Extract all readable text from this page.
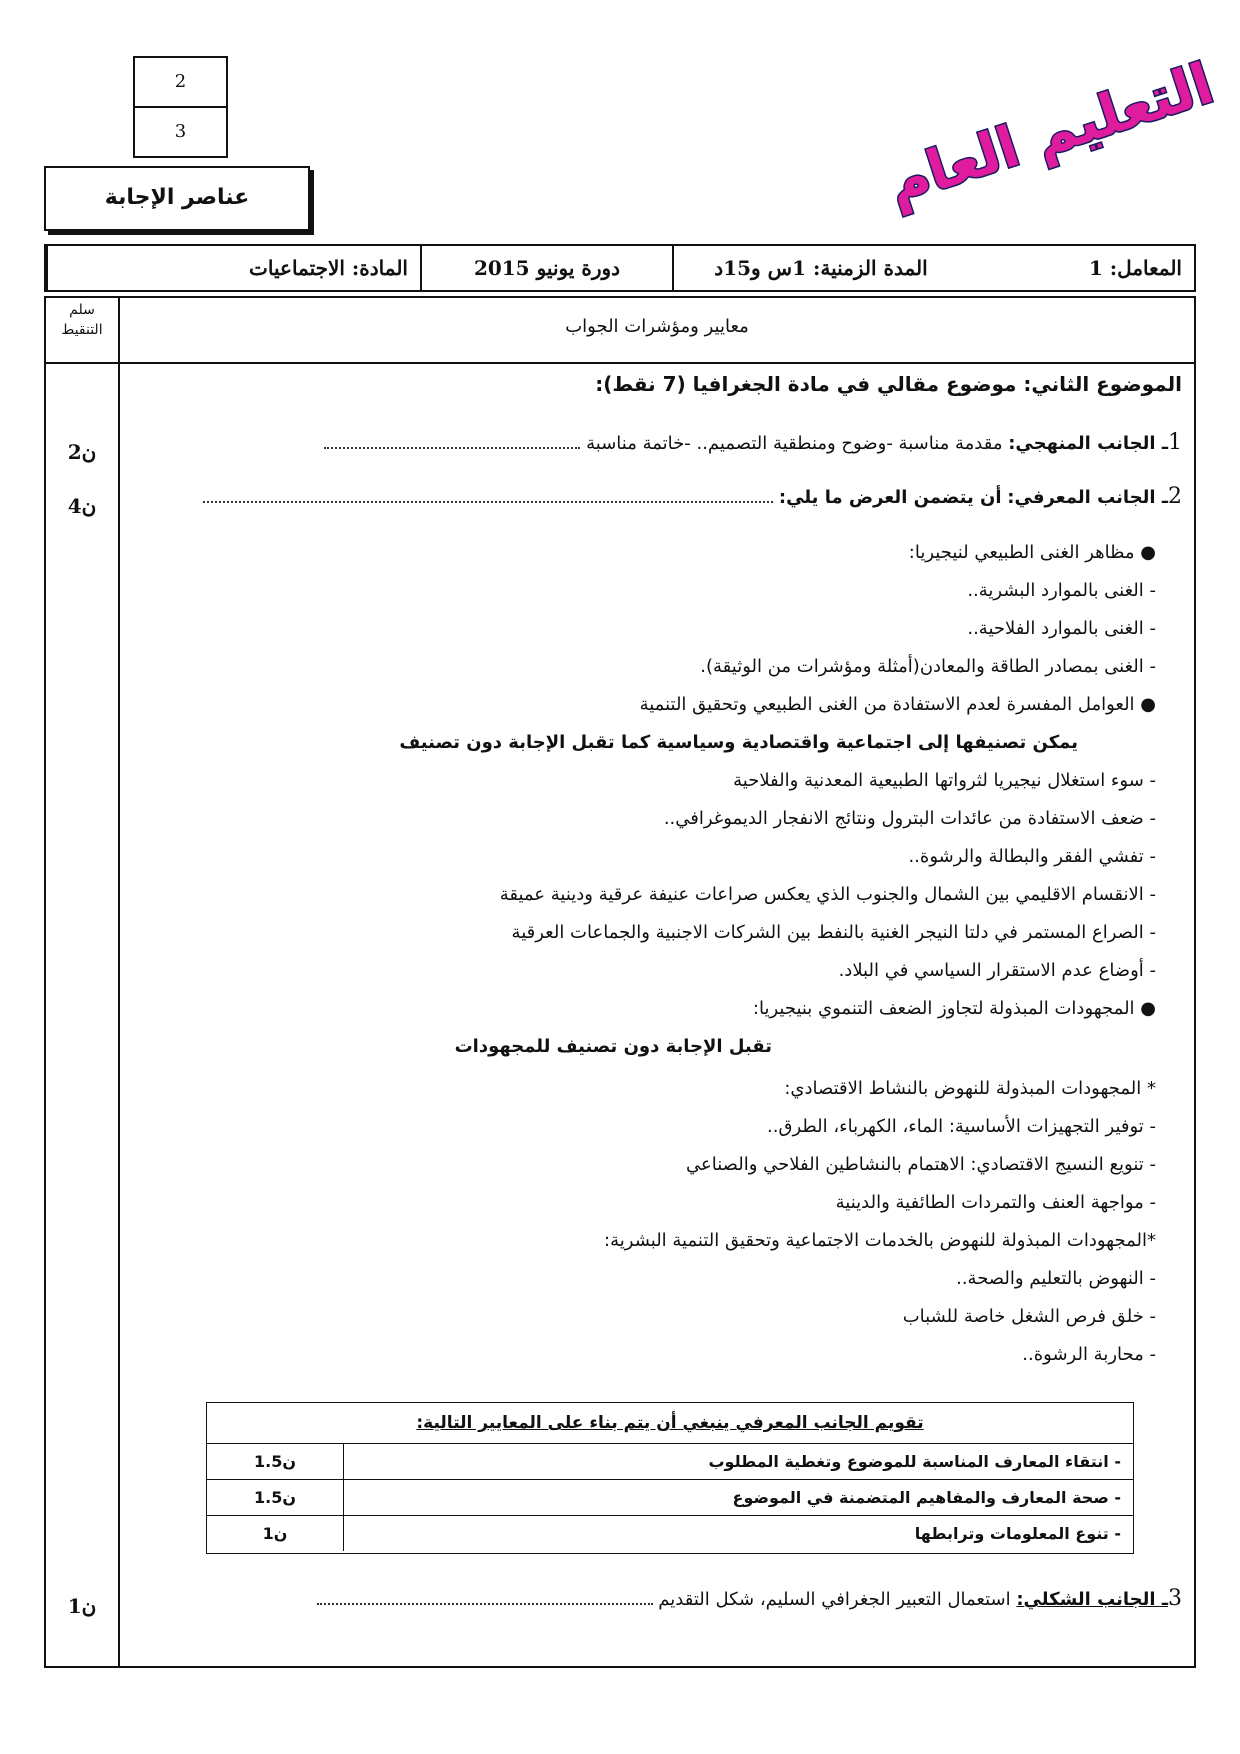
2
3
عناصر الإجابة	التعليم العام
المادة: الاجتماعيات	دورة يونيو 2015	المدة الزمنية: 1س و15د	المعامل: 1
سلم
التنقيط	معايير ومؤشرات الجواب
الموضوع الثاني: موضوع مقالي في مادة الجغرافيا (7 نقط):
1ـ الجانب المنهجي: مقدمة مناسبة -وضوح ومنطقية التصميم.. -خاتمة مناسبة
2ن
2ـ الجانب المعرفي: أن يتضمن العرض ما يلي:
4ن
● مظاهر الغنى الطبيعي لنيجيريا:
- الغنى بالموارد البشرية..
- الغنى بالموارد الفلاحية..
- الغنى بمصادر الطاقة والمعادن(أمثلة ومؤشرات من الوثيقة).
● العوامل المفسرة لعدم الاستفادة من الغنى الطبيعي وتحقيق التنمية
يمكن تصنيفها إلى اجتماعية واقتصادية وسياسية كما تقبل الإجابة دون تصنيف
- سوء استغلال نيجيريا لثرواتها الطبيعية المعدنية والفلاحية
- ضعف الاستفادة من عائدات البترول ونتائج الانفجار الديموغرافي..
- تفشي الفقر والبطالة والرشوة..
- الانقسام الاقليمي بين الشمال والجنوب الذي يعكس صراعات عنيفة عرقية ودينية عميقة
- الصراع المستمر في دلتا النيجر الغنية بالنفط بين الشركات الاجنبية والجماعات العرقية
- أوضاع عدم الاستقرار السياسي في البلاد.
● المجهودات المبذولة لتجاوز الضعف التنموي بنيجيريا:
تقبل الإجابة دون تصنيف للمجهودات
* المجهودات المبذولة للنهوض بالنشاط الاقتصادي:
- توفير التجهيزات الأساسية: الماء، الكهرباء، الطرق..
- تنويع النسيج الاقتصادي: الاهتمام بالنشاطين الفلاحي والصناعي
- مواجهة العنف والتمردات الطائفية والدينية
*المجهودات المبذولة للنهوض بالخدمات الاجتماعية وتحقيق التنمية البشرية:
- النهوض بالتعليم والصحة..
- خلق فرص الشغل خاصة للشباب
- محاربة الرشوة..
تقويم الجانب المعرفي ينبغي أن يتم بناء على المعايير التالية:
- انتقاء المعارف المناسبة للموضوع وتغطية المطلوب
1.5ن
- صحة المعارف والمفاهيم المتضمنة في الموضوع
1.5ن
- تنوع المعلومات وترابطها
1ن
3ـ الجانب الشكلي: استعمال التعبير الجغرافي السليم، شكل التقديم
1ن
